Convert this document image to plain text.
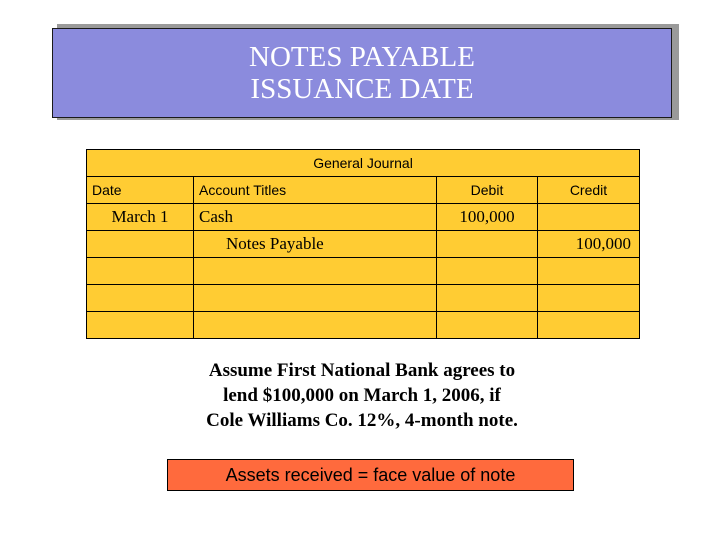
NOTES PAYABLE
ISSUANCE DATE
General Journal			
Date	Account Titles	Debit	Credit
March 1	Cash	100,000	
	Notes Payable		100,000

Assume First National Bank agrees to
lend $100,000 on March 1, 2006, if
Cole Williams Co. 12%, 4-month note.
Assets received = face value of note
